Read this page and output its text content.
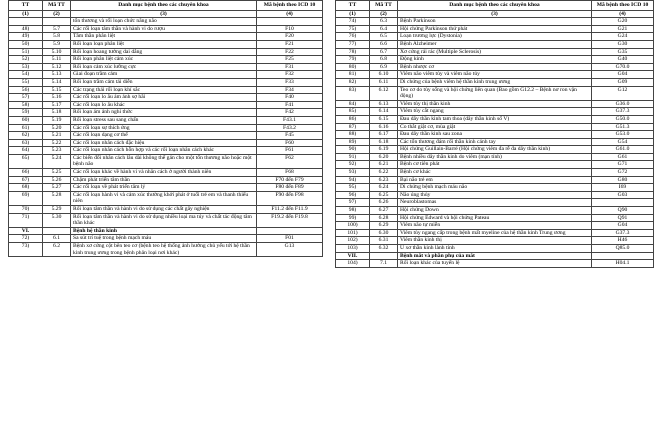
TT	Mã TT	Danh mục bệnh theo các chuyên khoa	Mã bệnh theo ICD 10
(1)	(2)	(3)	(4)
		tổn thương và rối loạn chức năng não	
48)	5.7	Các rối loạn tâm thần và hành vi do rượu	F10
49)	5.8	Tâm thần phân liệt	F20
50)	5.9	Rối loạn loạn phân liệt	F21
51)	5.10	Rối loạn hoang tưởng dai dẳng	F22
52)	5.11	Rối loạn phân liệt cảm xúc	F25
53)	5.12	Rối loạn cảm xúc lưỡng cực	F31
54)	5.13	Giai đoạn trầm cảm	F32
55)	5.14	Rối loạn trầm cảm tái diễn	F33
56)	5.15	Các trạng thái rối loạn khí sắc	F34
57)	5.16	Các rối loạn lo âu ám ảnh sợ hãi	F40
58)	5.17	Các rối loạn lo âu khác	F41
59)	5.18	Rối loạn ám ảnh nghi thức	F42
60)	5.19	Rối loạn stress sau sang chấn	F43.1
61)	5.20	Các rối loạn sự thích ứng	F43.2
62)	5.21	Các rối loạn dạng cơ thể	F45
63)	5.22	Các rối loạn nhân cách đặc hiệu	F60
64)	5.23	Các rối loạn nhân cách hỗn hợp và các rối loạn nhân cách khác	F61
65)	5.24	Các biến đổi nhân cách lâu dài không thể gán cho một tổn thương não hoặc một bệnh não	F62
66)	5.25	Các rối loạn khác về hành vi và nhân cách ở người thành niên	F68
67)	5.26	Chậm phát triển tâm thần	F70 đến F79
68)	5.27	Các rối loạn về phát triển tâm lý	F80 đến F89
69)	5.28	Các rối loạn hành vi và cảm xúc thường khởi phát ở tuổi trẻ em và thanh thiếu niên	F90 đến F98
70)	5.29	Rối loạn tâm thần và hành vi do sử dụng các chất gây nghiện	F11.2 đến F11.9
71)	5.30	Rối loạn tâm thần và hành vi do sử dụng nhiều loại ma túy và chất tác động tâm thần khác	F19.2 đến F19.8
VI.		Bệnh hệ thần kinh	
72)	6.1	Sa sút trí tuệ trong bệnh mạch máu	F01
73)	6.2	Bệnh xơ cứng cột bên teo cơ (bệnh teo hệ thống ảnh hưởng chủ yếu tới hệ thần kinh trung ương trong bệnh phân loại nơi khác)	G13
TT	Mã TT	Danh mục bệnh theo các chuyên khoa	Mã bệnh theo ICD 10
(1)	(2)	(3)	(4)
74)	6.3	Bệnh Parkinson	G20
75)	6.4	Hội chứng Parkinson thứ phát	G21
76)	6.5	Loạn trương lực (Dystonia)	G24
77)	6.6	Bệnh Alzheimer	G30
78)	6.7	Xơ cứng rải rác (Multiple Sclerosis)	G35
79)	6.8	Động kinh	G40
80)	6.9	Bệnh nhược cơ	G70.0
81)	6.10	Viêm não viêm tủy và viêm não tủy	G04
82)	6.11	Di chứng của bệnh viêm hệ thần kinh trung ương	G09
83)	6.12	Teo cơ do tủy sống và hội chứng liên quan (Bao gồm G12.2 – Bệnh nơ ron vận động)	G12
84)	6.13	Viêm tủy thị thần kinh	G36.0
85)	6.14	Viêm tủy cắt ngang	G37.3
86)	6.15	Đau dây thần kinh tam thoa (dây thần kinh số V)	G50.0
87)	6.16	Co thắt giật cơ, mùa giật	G51.3
88)	6.17	Đau dây thần kinh sau zona	G53.0
89)	6.18	Các tổn thương đám rối thần kinh cánh tay	G54
90)	6.19	Hội chứng Guillain-Barré (Hội chứng viêm đa rễ đa dây thần kinh)	G61.0
91)	6.20	Bệnh nhiều dây thần kinh do viêm (mạn tính)	G61
92)	6.21	Bệnh cơ tiên phát	G71
93)	6.22	Bệnh cơ khác	G72
94)	6.23	Bại não trẻ em	G80
95)	6.24	Di chứng bệnh mạch máu não	I69
96)	6.25	Não úng thủy	G03
97)	6.26	Neuroblastomas	
98)	6.27	Hội chứng Down	Q90
99)	6.28	Hội chứng Edward và hội chứng Pateau	Q91
100)	6.29	Viêm não tự miễn	G04
101)	6.30	Viêm tủy ngang cấp trong bệnh mất myeline của hệ thần kinh Trung ương	G37.3
102)	6.31	Viêm thần kinh thị	H46
103)	6.32	U xơ thần kinh lành tính	Q85.0
VII.		Bệnh mắt và phần phụ của mắt	
104)	7.1	Rối loạn khác của tuyến lệ	H04.1
